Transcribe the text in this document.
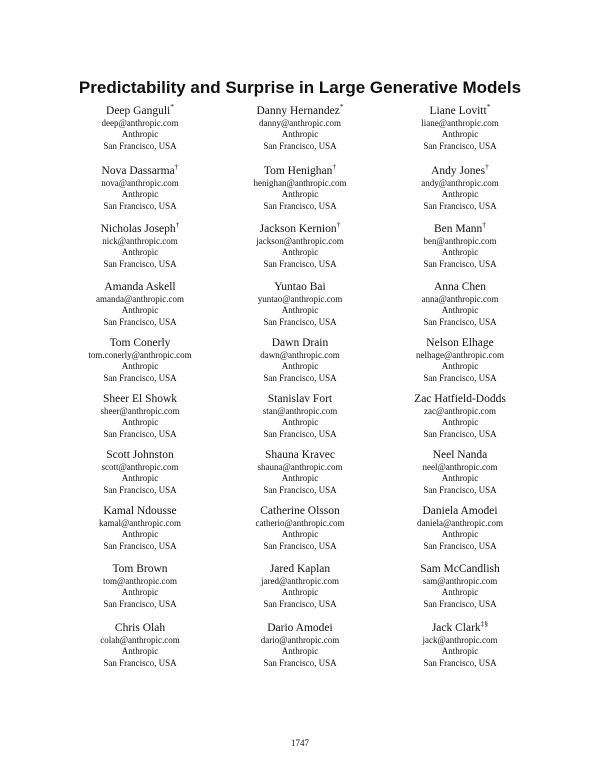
Predictability and Surprise in Large Generative Models
Deep Ganguli*
deep@anthropic.com
Anthropic
San Francisco, USA
Danny Hernandez*
danny@anthropic.com
Anthropic
San Francisco, USA
Liane Lovitt*
liane@anthropic.com
Anthropic
San Francisco, USA
Nova Dassarma†
nova@anthropic.com
Anthropic
San Francisco, USA
Tom Henighan†
henighan@anthropic.com
Anthropic
San Francisco, USA
Andy Jones†
andy@anthropic.com
Anthropic
San Francisco, USA
Nicholas Joseph†
nick@anthropic.com
Anthropic
San Francisco, USA
Jackson Kernion†
jackson@anthropic.com
Anthropic
San Francisco, USA
Ben Mann†
ben@anthropic.com
Anthropic
San Francisco, USA
Amanda Askell
amanda@anthropic.com
Anthropic
San Francisco, USA
Yuntao Bai
yuntao@anthropic.com
Anthropic
San Francisco, USA
Anna Chen
anna@anthropic.com
Anthropic
San Francisco, USA
Tom Conerly
tom.conerly@anthropic.com
Anthropic
San Francisco, USA
Dawn Drain
dawn@anthropic.com
Anthropic
San Francisco, USA
Nelson Elhage
nelhage@anthropic.com
Anthropic
San Francisco, USA
Sheer El Showk
sheer@anthropic.com
Anthropic
San Francisco, USA
Stanislav Fort
stan@anthropic.com
Anthropic
San Francisco, USA
Zac Hatfield-Dodds
zac@anthropic.com
Anthropic
San Francisco, USA
Scott Johnston
scott@anthropic.com
Anthropic
San Francisco, USA
Shauna Kravec
shauna@anthropic.com
Anthropic
San Francisco, USA
Neel Nanda
neel@anthropic.com
Anthropic
San Francisco, USA
Kamal Ndousse
kamal@anthropic.com
Anthropic
San Francisco, USA
Catherine Olsson
catherio@anthropic.com
Anthropic
San Francisco, USA
Daniela Amodei
daniela@anthropic.com
Anthropic
San Francisco, USA
Tom Brown
tom@anthropic.com
Anthropic
San Francisco, USA
Jared Kaplan
jared@anthropic.com
Anthropic
San Francisco, USA
Sam McCandlish
sam@anthropic.com
Anthropic
San Francisco, USA
Chris Olah
colah@anthropic.com
Anthropic
San Francisco, USA
Dario Amodei
dario@anthropic.com
Anthropic
San Francisco, USA
Jack Clark‡§
jack@anthropic.com
Anthropic
San Francisco, USA
1747
